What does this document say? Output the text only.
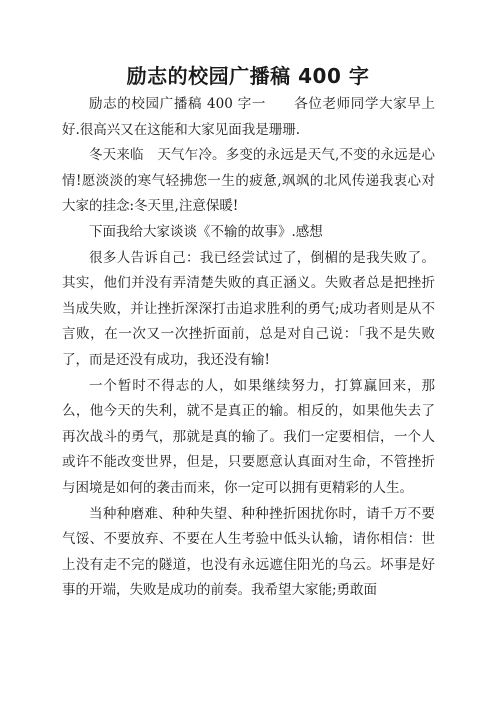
励志的校园广播稿 400 字

励志的校园广播稿 400 字一　　各位老师同学大家早上好.很高兴又在这能和大家见面我是珊珊.

冬天来临　天气乍冷。多变的永远是天气,不变的永远是心情!愿淡淡的寒气轻拂您一生的疲惫,飒飒的北风传递我衷心对大家的挂念:冬天里,注意保暖!

下面我给大家谈谈《不输的故事》.感想

很多人告诉自己：我已经尝试过了，倒楣的是我失败了。其实，他们并没有弄清楚失败的真正涵义。失败者总是把挫折当成失败，并让挫折深深打击追求胜利的勇气;成功者则是从不言败，在一次又一次挫折面前，总是对自己说：「我不是失败了，而是还没有成功，我还没有输!

一个暂时不得志的人，如果继续努力，打算赢回来，那么，他今天的失利，就不是真正的输。相反的，如果他失去了再次战斗的勇气，那就是真的输了。我们一定要相信，一个人或许不能改变世界，但是，只要愿意认真面对生命，不管挫折与困境是如何的袭击而来，你一定可以拥有更精彩的人生。

当种种磨难、种种失望、种种挫折困扰你时，请千万不要气馁、不要放弃、不要在人生考验中低头认输，请你相信：世上没有走不完的隧道，也没有永远遮住阳光的乌云。坏事是好事的开端，失败是成功的前奏。我希望大家能;勇敢面
